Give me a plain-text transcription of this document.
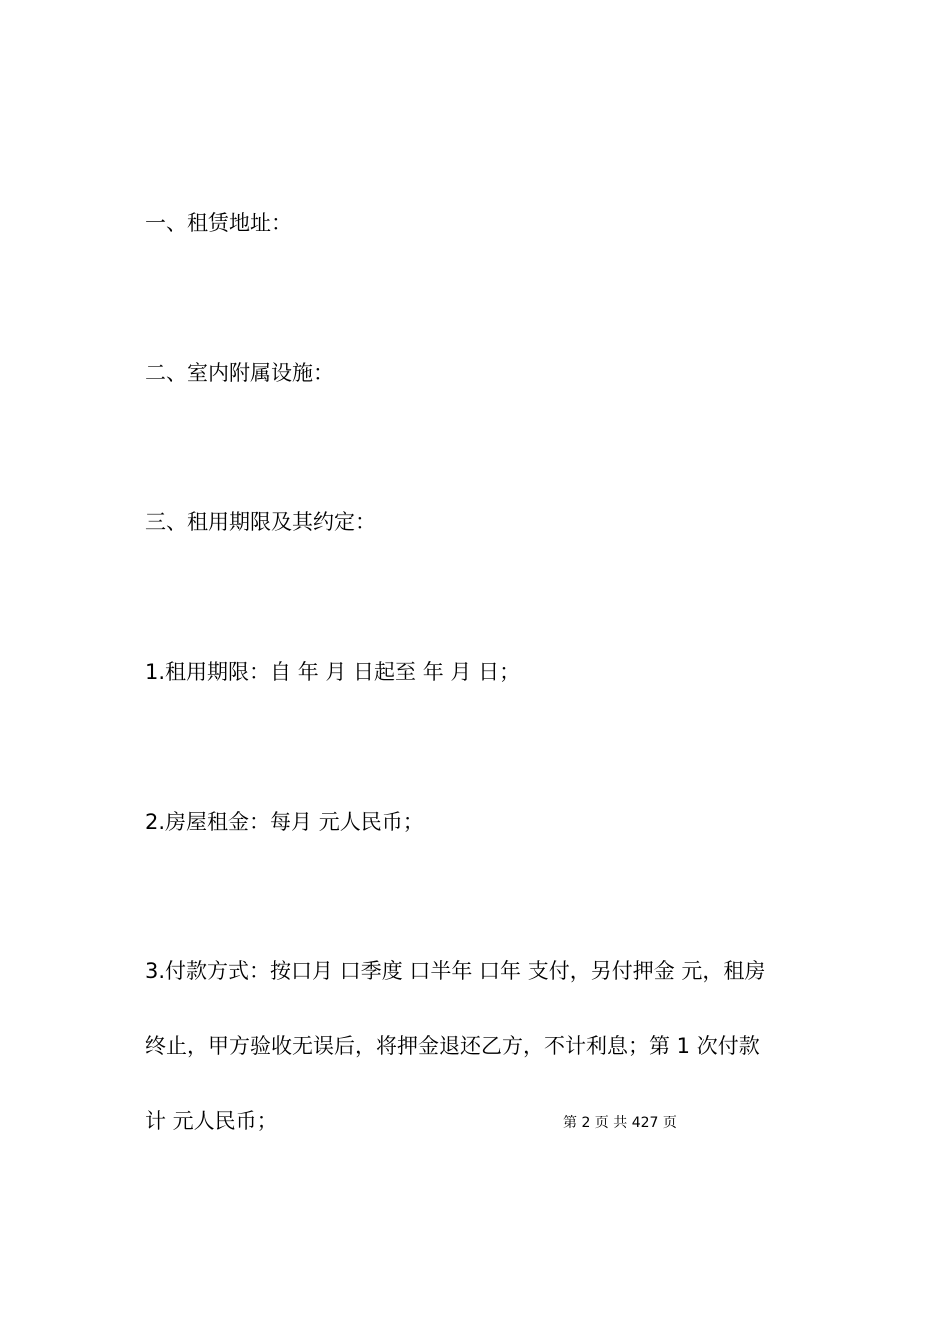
一、租赁地址：
二、室内附属设施：
三、租用期限及其约定：
1.租用期限：自 年 月 日起至 年 月 日；
2.房屋租金：每月 元人民币；
3.付款方式：按口月 口季度 口半年 口年 支付，另付押金 元，租房
终止，甲方验收无误后，将押金退还乙方，不计利息；第 1 次付款
计 元人民币；	第 2 页 共 427 页
